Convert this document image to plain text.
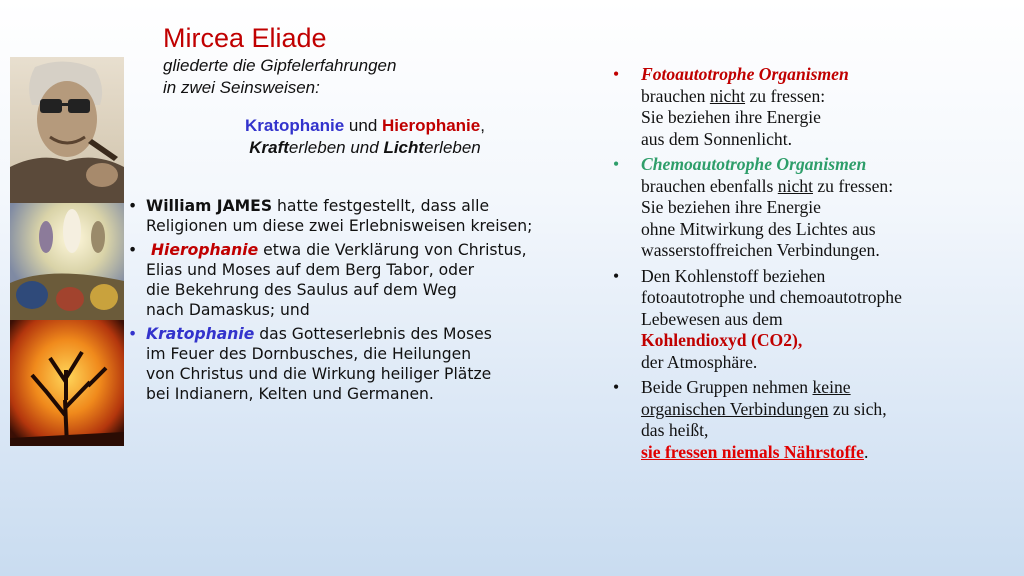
Mircea Eliade
gliederte die Gipfelerfahrungen
in zwei Seinsweisen:
Kratophanie und Hierophanie,
Krafterleben und Lichterleben
• William JAMES hatte festgestellt, dass alle
Religionen um diese zwei Erlebnisweisen kreisen;
• Hierophanie etwa die Verklärung von Christus,
Elias und Moses auf dem Berg Tabor, oder
die Bekehrung des Saulus auf dem Weg
nach Damaskus; und
• Kratophanie das Gotteserlebnis des Moses
im Feuer des Dornbusches, die Heilungen
von Christus und die Wirkung heiliger Plätze
bei Indianern, Kelten und Germanen.
• Fotoautotrophe Organismen
brauchen nicht zu fressen:
Sie beziehen ihre Energie
aus dem Sonnenlicht.
• Chemoautotrophe Organismen
brauchen ebenfalls nicht zu fressen:
Sie beziehen ihre Energie
ohne Mitwirkung des Lichtes aus
wasserstoffreichen Verbindungen.
• Den Kohlenstoff beziehen
fotoautotrophe und chemoautotrophe
Lebewesen aus dem
Kohlendioxyd (CO2),
der Atmosphäre.
• Beide Gruppen nehmen keine
organischen Verbindungen zu sich,
das heißt,
sie fressen niemals Nährstoffe.
